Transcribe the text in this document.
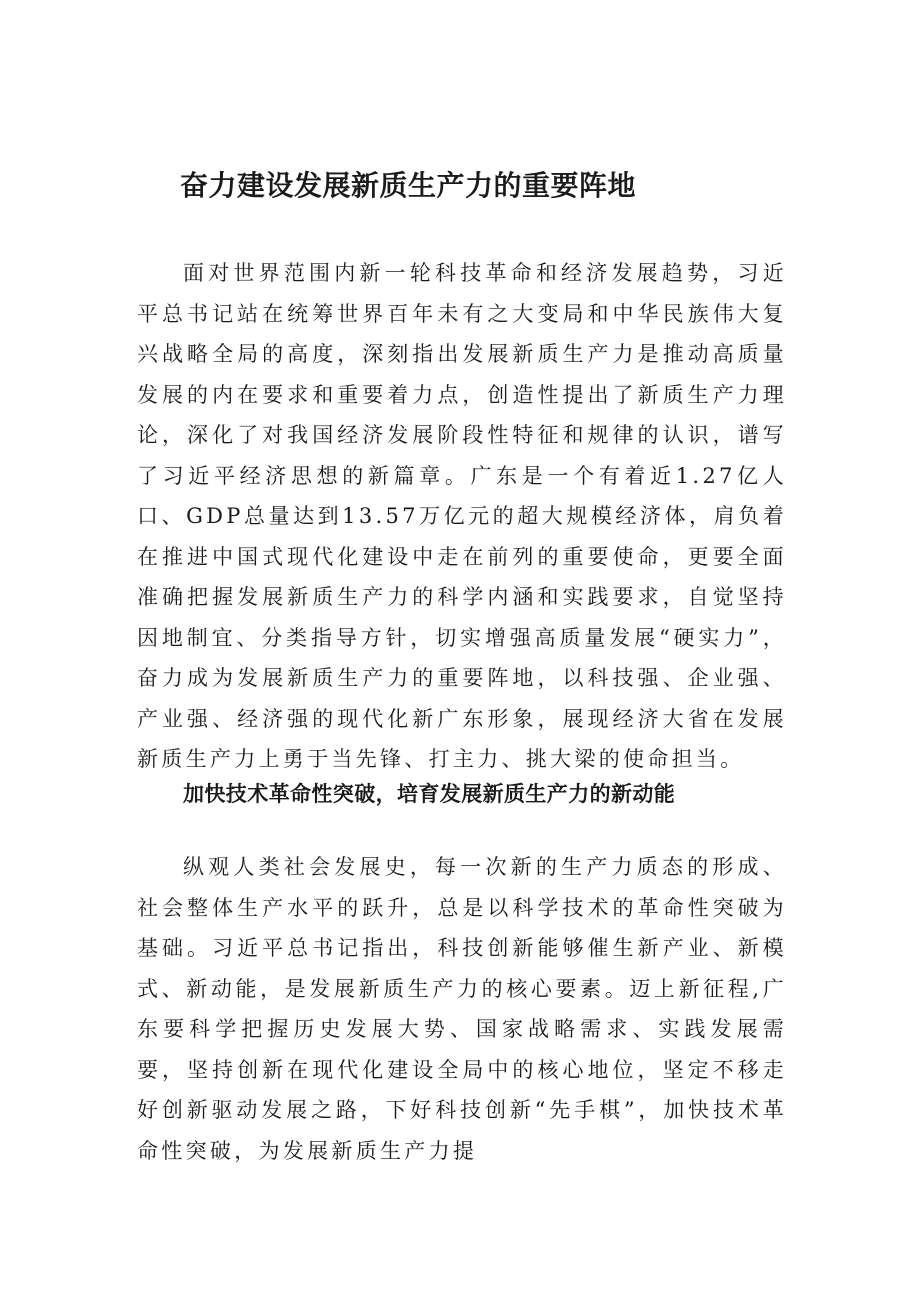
奋力建设发展新质生产力的重要阵地

面对世界范围内新一轮科技革命和经济发展趋势，习近平总书记站在统筹世界百年未有之大变局和中华民族伟大复兴战略全局的高度，深刻指出发展新质生产力是推动高质量发展的内在要求和重要着力点，创造性提出了新质生产力理论，深化了对我国经济发展阶段性特征和规律的认识，谱写了习近平经济思想的新篇章。广东是一个有着近1.27亿人口、GDP总量达到13.57万亿元的超大规模经济体，肩负着在推进中国式现代化建设中走在前列的重要使命，更要全面准确把握发展新质生产力的科学内涵和实践要求，自觉坚持因地制宜、分类指导方针，切实增强高质量发展“硬实力”，奋力成为发展新质生产力的重要阵地，以科技强、企业强、产业强、经济强的现代化新广东形象，展现经济大省在发展新质生产力上勇于当先锋、打主力、挑大梁的使命担当。

加快技术革命性突破，培育发展新质生产力的新动能

纵观人类社会发展史，每一次新的生产力质态的形成、社会整体生产水平的跃升，总是以科学技术的革命性突破为基础。习近平总书记指出，科技创新能够催生新产业、新模式、新动能，是发展新质生产力的核心要素。迈上新征程,广东要科学把握历史发展大势、国家战略需求、实践发展需要，坚持创新在现代化建设全局中的核心地位，坚定不移走好创新驱动发展之路，下好科技创新“先手棋”，加快技术革命性突破，为发展新质生产力提
